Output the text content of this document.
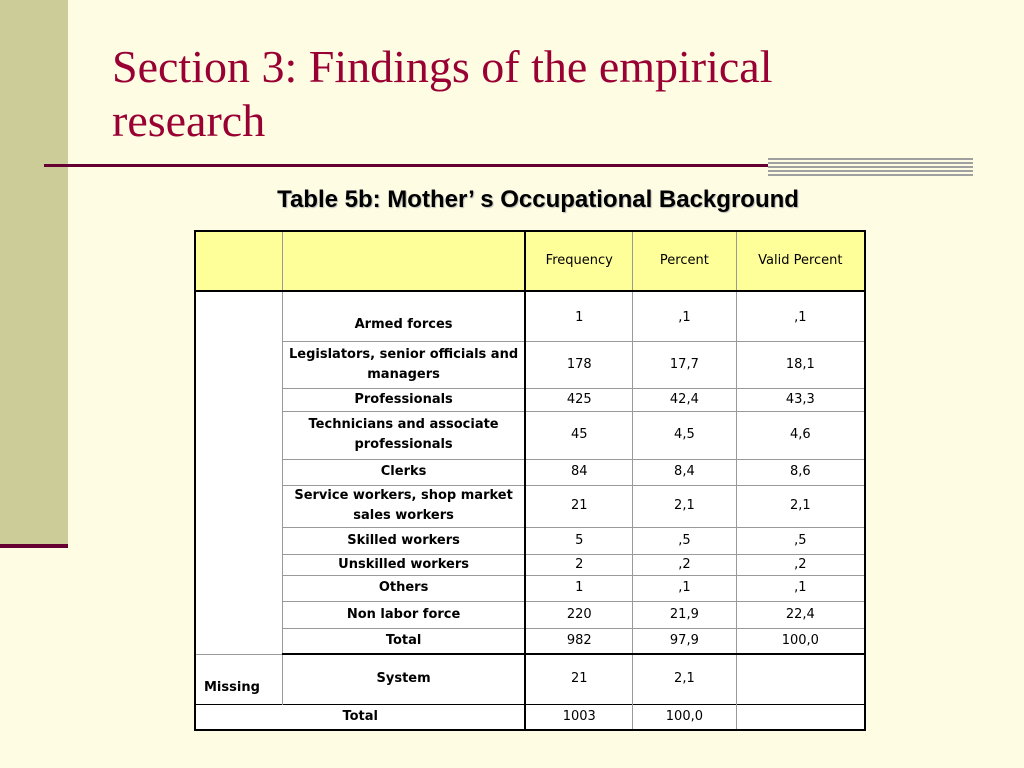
Section 3: Findings of the empirical research
Table 5b: Mother’ s Occupational Background
		Frequency	Percent	Valid Percent
	Armed forces	1	,1	,1
	Legislators, senior officials and managers	178	17,7	18,1
	Professionals	425	42,4	43,3
	Technicians and associate professionals	45	4,5	4,6
	Clerks	84	8,4	8,6
	Service workers, shop market sales workers	21	2,1	2,1
	Skilled workers	5	,5	,5
	Unskilled workers	2	,2	,2
	Others	1	,1	,1
	Non labor force	220	21,9	22,4
	Total	982	97,9	100,0
Missing	System	21	2,1	
Total		1003	100,0	
